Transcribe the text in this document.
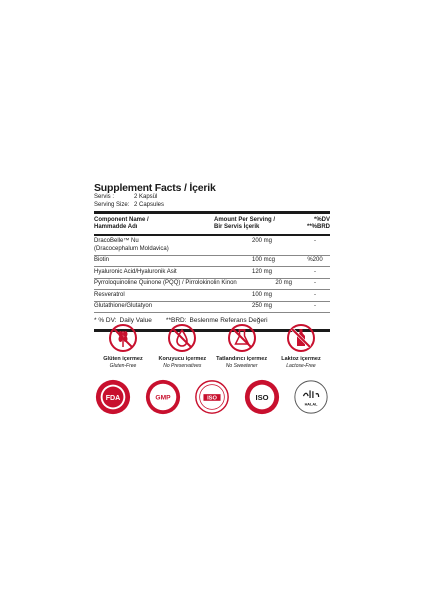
Supplement Facts / İçerik
Servis :	2 Kapsül
Serving Size: 2 Capsules
Component Name /
Hammadde Adı
Amount Per Serving /
Bir Servis İçerik
*%DV
**%BRD
DracoBelle™ Nu
(Dracocephalum Moldavica)
200 mg	-
Biotin	100 mcg	%200
Hyaluronic Acid/Hyaluronik Asit	120 mg	-
Pyrroloquinoline Quinone (PQQ) / Pirrolokinolin Kinon	20 mg	-
Resveratrol	100 mg	-
Glutathione/Glutatyon	250 mg	-
* % DV: Daily Value **BRD: Beslenme Referans Değeri
Glüten içermez
Gluten-Free
Koruyucu içermez
No Preservatives
Tatlandırıcı içermez
No Sweetener
Laktoz içermez
Lactose-Free
FDA	GMP	ISO	ISO
HALAL
